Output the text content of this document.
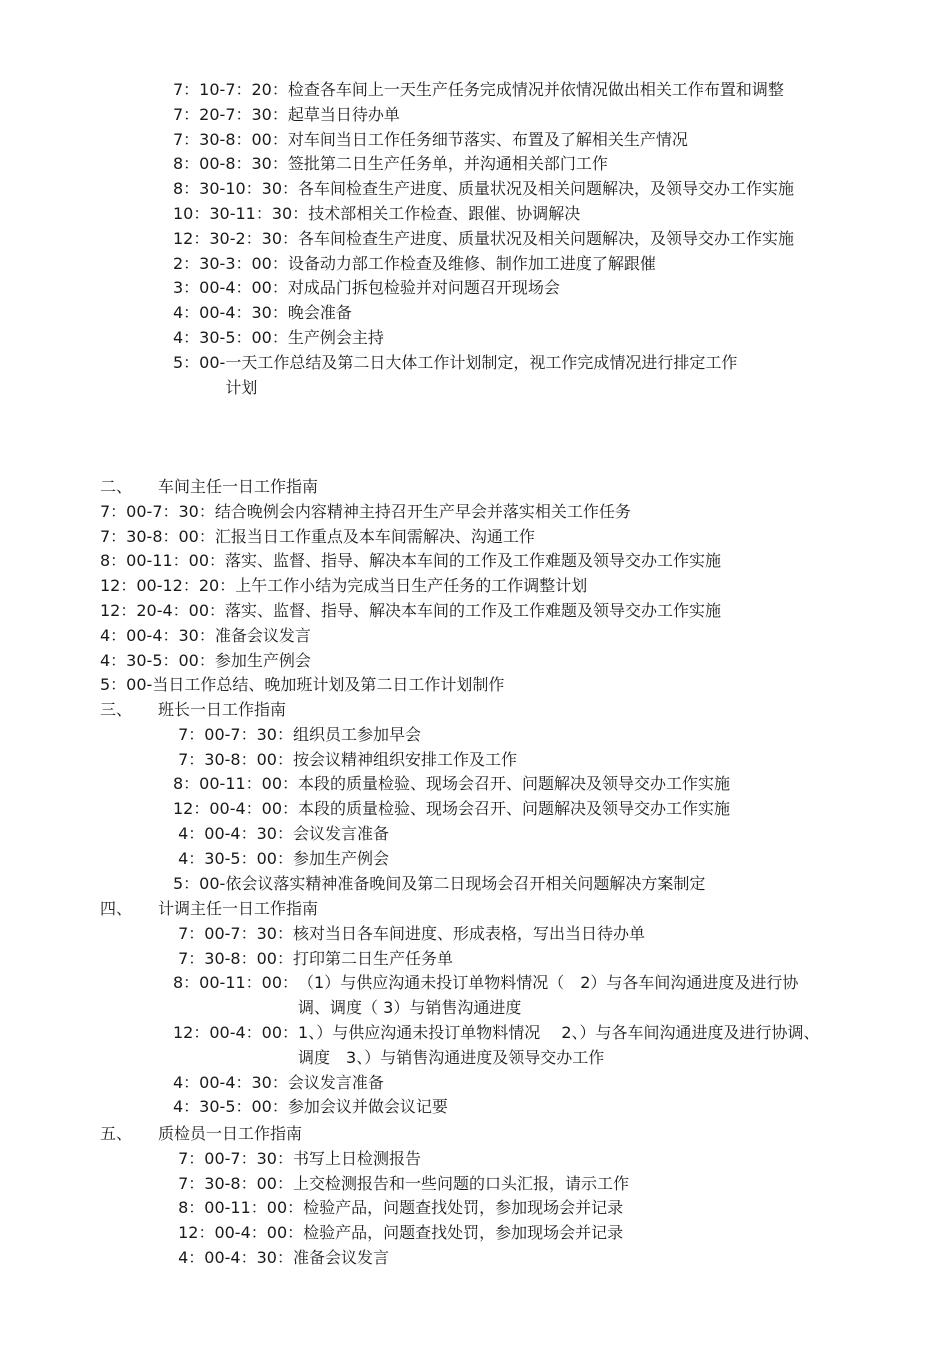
7：10-7：20： 检查各车间上一天生产任务完成情况并依情况做出相关工作布置和调整
7：20-7：30： 起草当日待办单
7：30-8：00： 对车间当日工作任务细节落实、布置及了解相关生产情况
8：00-8：30： 签批第二日生产任务单，并沟通相关部门工作
8：30-10：30： 各车间检查生产进度、质量状况及相关问题解决，及领导交办工作实施
10：30-11：30： 技术部相关工作检查、跟催、协调解决
12：30-2：30： 各车间检查生产进度、质量状况及相关问题解决，及领导交办工作实施
2：30-3：00： 设备动力部工作检查及维修、制作加工进度了解跟催
3：00-4：00： 对成品门拆包检验并对问题召开现场会
4：00-4：30： 晚会准备
4：30-5：00： 生产例会主持
5：00- 一天工作总结及第二日大体工作计划制定，视工作完成情况进行排定工作计划
二、	车间主任一日工作指南
7：00-7：30： 结合晚例会内容精神主持召开生产早会并落实相关工作任务
7：30-8：00： 汇报当日工作重点及本车间需解决、沟通工作
8：00-11：00： 落实、监督、指导、解决本车间的工作及工作难题及领导交办工作实施
12：00-12：20： 上午工作小结为完成当日生产任务的工作调整计划
12：20-4：00： 落实、监督、指导、解决本车间的工作及工作难题及领导交办工作实施
4：00-4：30： 准备会议发言
4：30-5：00： 参加生产例会
5：00- 当日工作总结、晚加班计划及第二日工作计划制作
三、	班长一日工作指南
7：00-7：30： 组织员工参加早会
7：30-8：00： 按会议精神组织安排工作及工作
8：00-11：00： 本段的质量检验、现场会召开、问题解决及领导交办工作实施
12：00-4：00： 本段的质量检验、现场会召开、问题解决及领导交办工作实施
4：00-4：30： 会议发言准备
4：30-5：00： 参加生产例会
5：00- 依会议落实精神准备晚间及第二日现场会召开相关问题解决方案制定
四、	计调主任一日工作指南
7：00-7：30： 核对当日各车间进度、形成表格，写出当日待办单
7：30-8：00： 打印第二日生产任务单
8：00-11：00： （1）与供应沟通未投订单物料情况（　2）与各车间沟通进度及进行协调、调度（ 3）与销售沟通进度
12：00-4：00： 1、）与供应沟通未投订单物料情况　 2、）与各车间沟通进度及进行协调、调度　3、）与销售沟通进度及领导交办工作
4：00-4：30： 会议发言准备
4：30-5：00： 参加会议并做会议记要
五、	质检员一日工作指南
7：00-7：30： 书写上日检测报告
7：30-8：00： 上交检测报告和一些问题的口头汇报，请示工作
8：00-11：00： 检验产品，问题查找处罚，参加现场会并记录
12：00-4：00： 检验产品，问题查找处罚，参加现场会并记录
4：00-4：30： 准备会议发言
